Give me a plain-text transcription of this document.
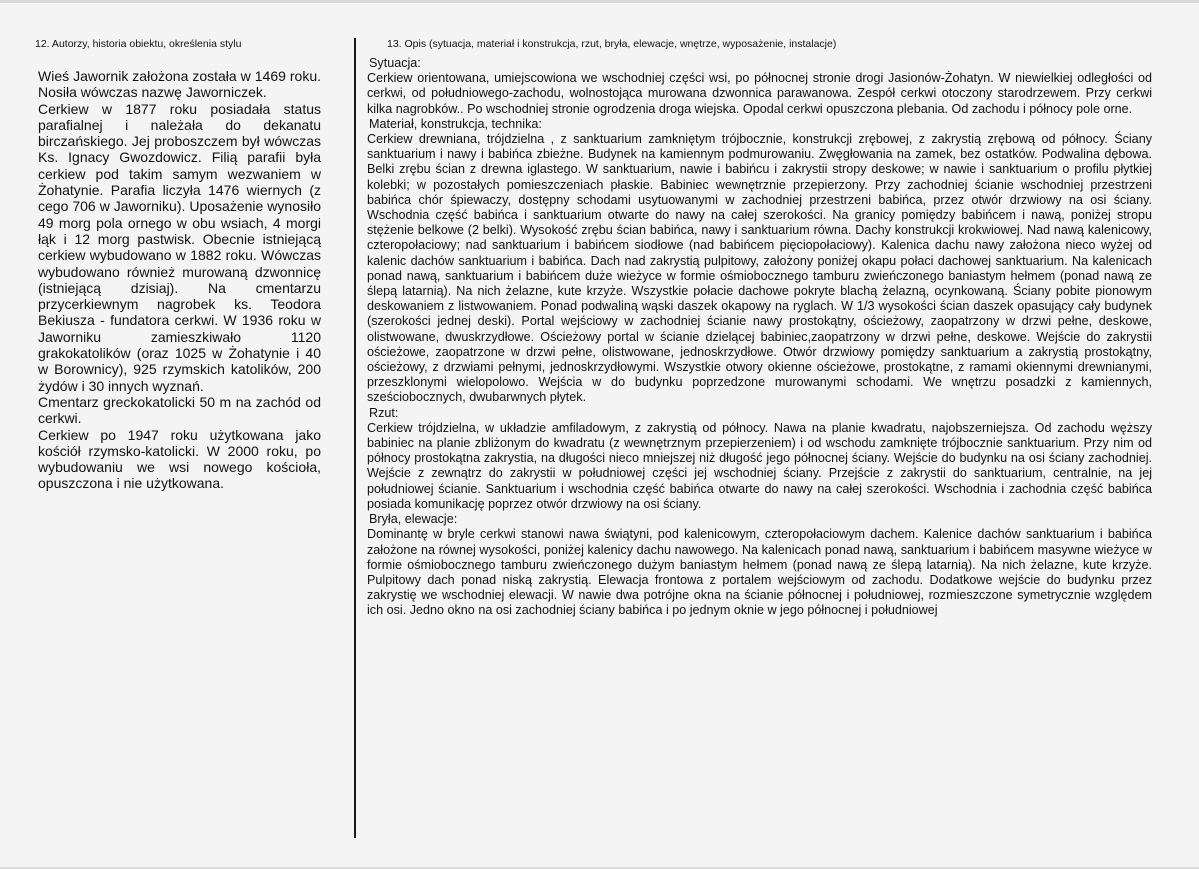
12. Autorzy, historia obiektu, określenia stylu

Wieś Jawornik założona została w 1469 roku. Nosiła wówczas nazwę Jaworniczek.

Cerkiew w 1877 roku posiadała status parafialnej i należała do dekanatu birczańskiego. Jej proboszczem był wówczas Ks. Ignacy Gwozdowicz. Filią parafii była cerkiew pod takim samym wezwaniem w Żohatynie. Parafia liczyła 1476 wiernych (z cego 706 w Jaworniku). Uposażenie wynosiło 49 morg pola ornego w obu wsiach, 4 morgi łąk i 12 morg pastwisk. Obecnie istniejącą cerkiew wybudowano w 1882 roku. Wówczas wybudowano również murowaną dzwonnicę (istniejącą dzisiaj). Na cmentarzu przycerkiewnym nagrobek ks. Teodora Bekiusza - fundatora cerkwi. W 1936 roku w Jaworniku zamieszkiwało 1120 grakokatolików (oraz 1025 w Żohatynie i 40 w Borownicy), 925 rzymskich katolików, 200 żydów i 30 innych wyznań.

Cmentarz greckokatolicki 50 m na zachód od cerkwi.

Cerkiew po 1947 roku użytkowana jako kościół rzymsko-katolicki. W 2000 roku, po wybudowaniu we wsi nowego kościoła, opuszczona i nie użytkowana.

13. Opis (sytuacja, materiał i konstrukcja, rzut, bryła, elewacje, wnętrze, wyposażenie, instalacje)

Sytuacja:

Cerkiew orientowana, umiejscowiona we wschodniej części wsi, po północnej stronie drogi Jasionów-Żohatyn. W niewielkiej odległości od cerkwi, od południowego-zachodu, wolnostojąca murowana dzwonnica parawanowa. Zespół cerkwi otoczony starodrzewem. Przy cerkwi kilka nagrobków.. Po wschodniej stronie ogrodzenia droga wiejska. Opodal cerkwi opuszczona plebania. Od zachodu i północy pole orne.

Materiał, konstrukcja, technika:

Cerkiew drewniana, trójdzielna , z sanktuarium zamkniętym trójbocznie, konstrukcji zrębowej, z zakrystią zrębową od północy. Ściany sanktuarium i nawy i babińca zbieżne. Budynek na kamiennym podmurowaniu. Zwęgłowania na zamek, bez ostatków. Podwalina dębowa. Belki zrębu ścian z drewna iglastego. W sanktuarium, nawie i babińcu i zakrystii stropy deskowe; w nawie i sanktuarium o profilu płytkiej kolebki; w pozostałych pomieszczeniach płaskie. Babiniec wewnętrznie przepierzony. Przy zachodniej ścianie wschodniej przestrzeni babińca chór śpiewaczy, dostępny schodami usytuowanymi w zachodniej przestrzeni babińca, przez otwór drzwiowy na osi ściany. Wschodnia część babińca i sanktuarium otwarte do nawy na całej szerokości. Na granicy pomiędzy babińcem i nawą, poniżej stropu stężenie belkowe (2 belki). Wysokość zrębu ścian babińca, nawy i sanktuarium równa. Dachy konstrukcji krokwiowej. Nad nawą kalenicowy, czteropołaciowy; nad sanktuarium i babińcem siodłowe (nad babińcem pięciopołaciowy). Kalenica dachu nawy założona nieco wyżej od kalenic dachów sanktuarium i babińca. Dach nad zakrystią pulpitowy, założony poniżej okapu połaci dachowej sanktuarium. Na kalenicach ponad nawą, sanktuarium i babińcem duże wieżyce w formie ośmiobocznego tamburu zwieńczonego baniastym hełmem (ponad nawą ze ślepą latarnią). Na nich żelazne, kute krzyże. Wszystkie połacie dachowe pokryte blachą żelazną, ocynkowaną. Ściany pobite pionowym deskowaniem z listwowaniem. Ponad podwaliną wąski daszek okapowy na ryglach. W 1/3 wysokości ścian daszek opasujący cały budynek (szerokości jednej deski). Portal wejściowy w zachodniej ścianie nawy prostokątny, ościeżowy, zaopatrzony w drzwi pełne, deskowe, olistwowane, dwuskrzydłowe. Ościeżowy portal w ścianie dzielącej babiniec,zaopatrzony w drzwi pełne, deskowe. Wejście do zakrystii ościeżowe, zaopatrzone w drzwi pełne, olistwowane, jednoskrzydłowe. Otwór drzwiowy pomiędzy sanktuarium a zakrystią prostokątny, ościeżowy, z drzwiami pełnymi, jednoskrzydłowymi. Wszystkie otwory okienne ościeżowe, prostokątne, z ramami okiennymi drewnianymi, przeszklonymi wielopolowo. Wejścia w do budynku poprzedzone murowanymi schodami. We wnętrzu posadzki z kamiennych, sześciobocznych, dwubarwnych płytek.

Rzut:

Cerkiew trójdzielna, w układzie amfiladowym, z zakrystią od północy. Nawa na planie kwadratu, najobszerniejsza. Od zachodu węższy babiniec na planie zbliżonym do kwadratu (z wewnętrznym przepierzeniem) i od wschodu zamknięte trójbocznie sanktuarium. Przy nim od północy prostokątna zakrystia, na długości nieco mniejszej niż długość jego północnej ściany. Wejście do budynku na osi ściany zachodniej. Wejście z zewnątrz do zakrystii w południowej części jej wschodniej ściany. Przejście z zakrystii do sanktuarium, centralnie, na jej południowej ścianie. Sanktuarium i wschodnia część babińca otwarte do nawy na całej szerokości. Wschodnia i zachodnia część babińca posiada komunikację poprzez otwór drzwiowy na osi ściany.

Bryła, elewacje:

Dominantę w bryle cerkwi stanowi nawa świątyni, pod kalenicowym, czteropołaciowym dachem. Kalenice dachów sanktuarium i babińca założone na równej wysokości, poniżej kalenicy dachu nawowego. Na kalenicach ponad nawą, sanktuarium i babińcem masywne wieżyce w formie ośmiobocznego tamburu zwieńczonego dużym baniastym hełmem (ponad nawą ze ślepą latarnią). Na nich żelazne, kute krzyże. Pulpitowy dach ponad niską zakrystią. Elewacja frontowa z portalem wejściowym od zachodu. Dodatkowe wejście do budynku przez zakrystię we wschodniej elewacji. W nawie dwa potrójne okna na ścianie północnej i południowej, rozmieszczone symetrycznie względem ich osi. Jedno okno na osi zachodniej ściany babińca i po jednym oknie w jego północnej i południowej
